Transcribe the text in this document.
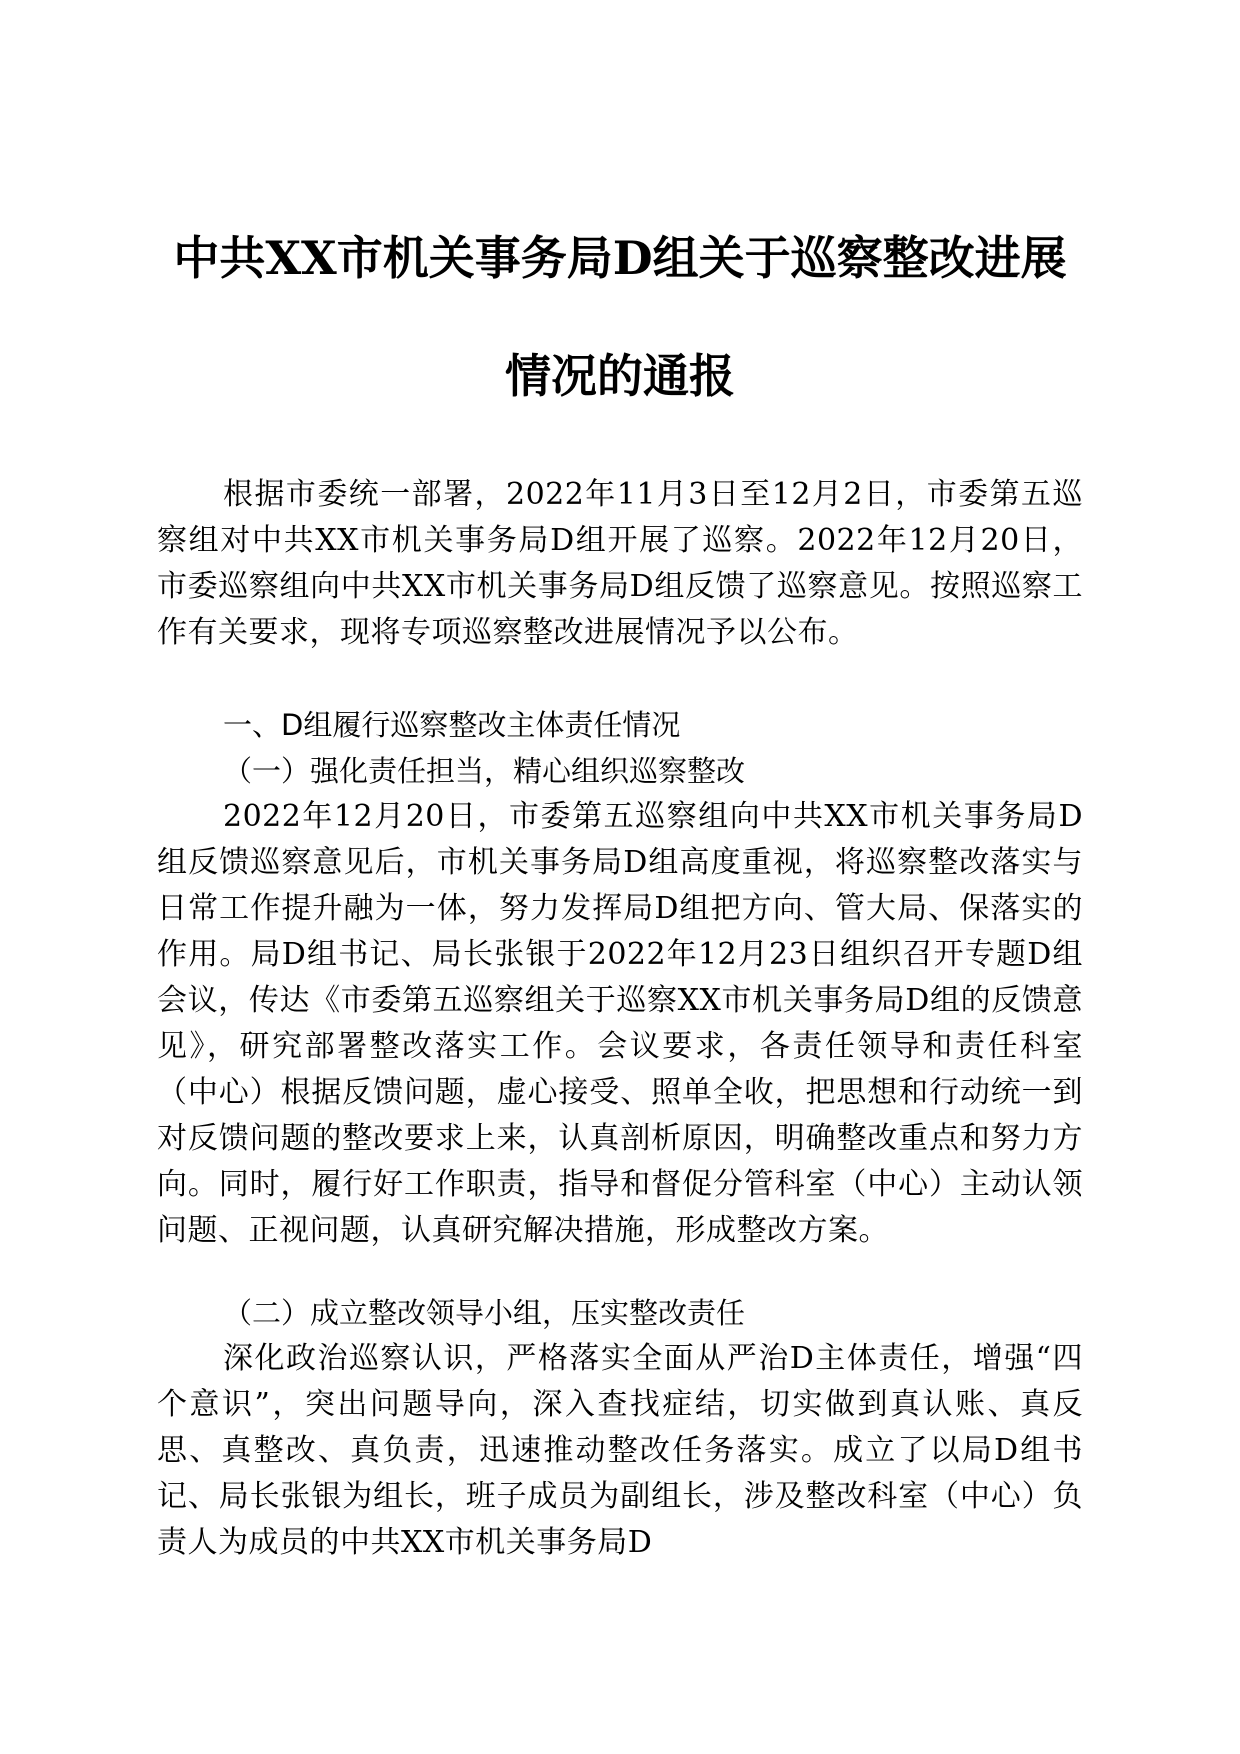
中共XX市机关事务局D组关于巡察整改进展
情况的通报
根据市委统一部署，2022年11月3日至12月2日，市委第五巡察组对中共XX市机关事务局D组开展了巡察。2022年12月20日，市委巡察组向中共XX市机关事务局D组反馈了巡察意见。按照巡察工作有关要求，现将专项巡察整改进展情况予以公布。
一、D组履行巡察整改主体责任情况
（一）强化责任担当，精心组织巡察整改
2022年12月20日，市委第五巡察组向中共XX市机关事务局D组反馈巡察意见后，市机关事务局D组高度重视，将巡察整改落实与日常工作提升融为一体，努力发挥局D组把方向、管大局、保落实的作用。局D组书记、局长张银于2022年12月23日组织召开专题D组会议，传达《市委第五巡察组关于巡察XX市机关事务局D组的反馈意见》，研究部署整改落实工作。会议要求，各责任领导和责任科室（中心）根据反馈问题，虚心接受、照单全收，把思想和行动统一到对反馈问题的整改要求上来，认真剖析原因，明确整改重点和努力方向。同时，履行好工作职责，指导和督促分管科室（中心）主动认领问题、正视问题，认真研究解决措施，形成整改方案。
（二）成立整改领导小组，压实整改责任
深化政治巡察认识，严格落实全面从严治D主体责任，增强“四个意识”，突出问题导向，深入查找症结，切实做到真认账、真反思、真整改、真负责，迅速推动整改任务落实。成立了以局D组书记、局长张银为组长，班子成员为副组长，涉及整改科室（中心）负责人为成员的中共XX市机关事务局D
